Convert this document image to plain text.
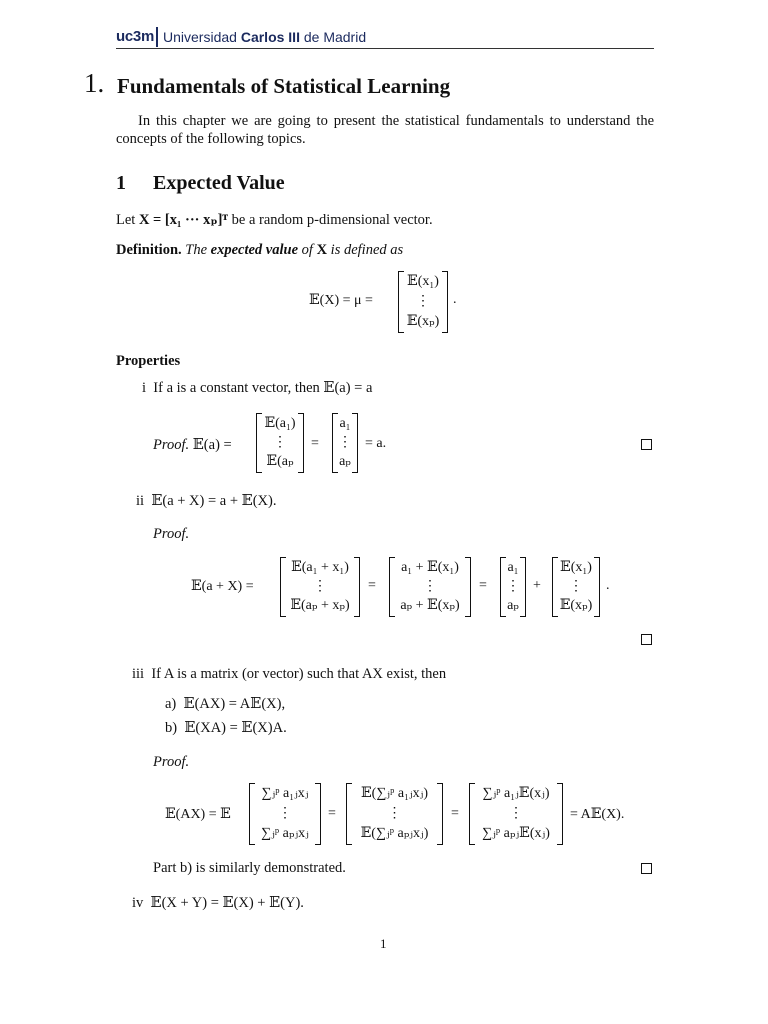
uc3m Universidad Carlos III de Madrid
1. Fundamentals of Statistical Learning
In this chapter we are going to present the statistical fundamentals to understand the concepts of the following topics.
1 Expected Value
Let X = [x₁ ··· xₚ]ᵀ be a random p-dimensional vector.
Definition. The expected value of X is defined as
𝔼(X) = μ =
𝔼(x₁)
⋮
𝔼(xₚ)
.
Properties
i If a is a constant vector, then 𝔼(a) = a
Proof. 𝔼(a) =
𝔼(a₁)
⋮
𝔼(aₚ
=
a₁
⋮
aₚ
= a.
ii 𝔼(a + X) = a + 𝔼(X).
Proof.
𝔼(a + X) =
𝔼(a₁ + x₁)
⋮
𝔼(aₚ + xₚ)
=
a₁ + 𝔼(x₁)
⋮
aₚ + 𝔼(xₚ)
=
a₁
⋮
aₚ
+
𝔼(x₁)
⋮
𝔼(xₚ)
.
iii If A is a matrix (or vector) such that AX exist, then
a) 𝔼(AX) = A𝔼(X),
b) 𝔼(XA) = 𝔼(X)A.
Proof.
𝔼(AX) = 𝔼
∑ⱼᵖ a₁ⱼxⱼ
⋮
∑ⱼᵖ aₚⱼxⱼ
=
𝔼(∑ⱼᵖ a₁ⱼxⱼ)
⋮
𝔼(∑ⱼᵖ aₚⱼxⱼ)
=
∑ⱼᵖ a₁ⱼ𝔼(xⱼ)
⋮
∑ⱼᵖ aₚⱼ𝔼(xⱼ)
= A𝔼(X).
Part b) is similarly demonstrated.
iv 𝔼(X + Y) = 𝔼(X) + 𝔼(Y).
1
